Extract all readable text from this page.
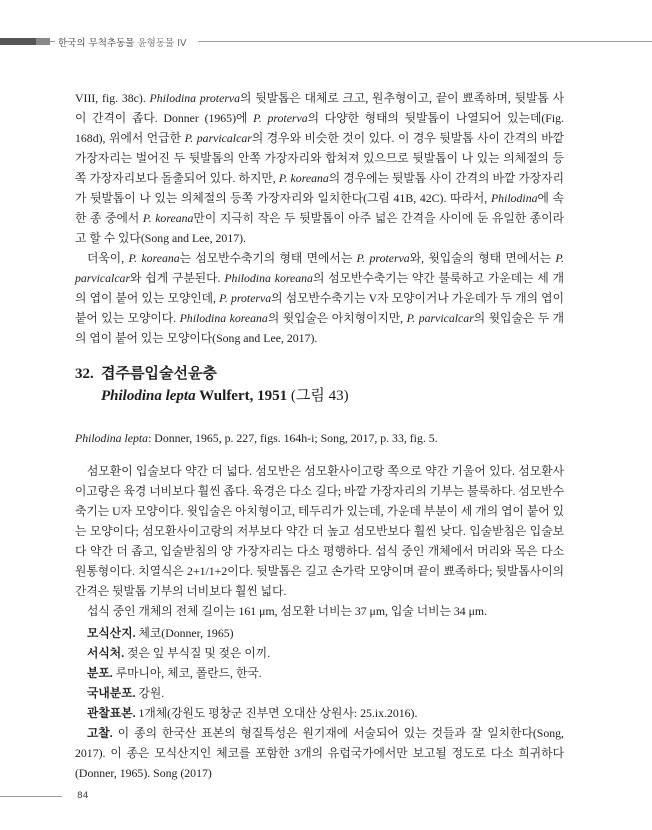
한국의 무척추동물 윤형동물 IV

VIII, fig. 38c). Philodina proterva의 뒷발톱은 대체로 크고, 원추형이고, 끝이 뾰족하며, 뒷발톱 사이 간격이 좁다. Donner (1965)에 P. proterva의 다양한 형태의 뒷발톱이 나열되어 있는데(Fig. 168d), 위에서 언급한 P. parvicalcar의 경우와 비슷한 것이 있다. 이 경우 뒷발톱 사이 간격의 바깥 가장자리는 벌어진 두 뒷발톱의 안쪽 가장자리와 합쳐져 있으므로 뒷발톱이 나 있는 의체절의 등 쪽 가장자리보다 돌출되어 있다. 하지만, P. koreana의 경우에는 뒷발톱 사이 간격의 바깥 가장자리가 뒷발톱이 나 있는 의체절의 등쪽 가장자리와 일치한다(그림 41B, 42C). 따라서, Philodina에 속한 종 중에서 P. koreana만이 지극히 작은 두 뒷발톱이 아주 넓은 간격을 사이에 둔 유일한 종이라고 할 수 있다(Song and Lee, 2017).

더욱이, P. koreana는 섬모반수축기의 형태 면에서는 P. proterva와, 윗입술의 형태 면에서는 P. parvicalcar와 쉽게 구분된다. Philodina koreana의 섬모반수축기는 약간 불룩하고 가운데는 세 개의 엽이 붙어 있는 모양인데, P. proterva의 섬모반수축기는 V자 모양이거나 가운데가 두 개의 엽이 붙어 있는 모양이다. Philodina koreana의 윗입술은 아치형이지만, P. parvicalcar의 윗입술은 두 개의 엽이 붙어 있는 모양이다(Song and Lee, 2017).

32. 겹주름입술선윤충
Philodina lepta Wulfert, 1951 (그림 43)
Philodina lepta: Donner, 1965, p. 227, figs. 164h-i; Song, 2017, p. 33, fig. 5.

섬모환이 입술보다 약간 더 넓다. 섬모반은 섬모환사이고랑 쪽으로 약간 기울어 있다. 섬모환사이고랑은 육경 너비보다 훨씬 좁다. 육경은 다소 길다; 바깥 가장자리의 기부는 불룩하다. 섬모반수축기는 U자 모양이다. 윗입술은 아치형이고, 테두리가 있는데, 가운데 부분이 세 개의 엽이 붙어 있는 모양이다; 섬모환사이고랑의 저부보다 약간 더 높고 섬모반보다 훨씬 낮다. 입술받침은 입술보다 약간 더 좁고, 입술받침의 양 가장자리는 다소 평행하다. 섭식 중인 개체에서 머리와 목은 다소 원통형이다. 치열식은 2+1/1+2이다. 뒷발톱은 길고 손가락 모양이며 끝이 뾰족하다; 뒷발톱사이의 간격은 뒷발톱 기부의 너비보다 훨씬 넓다.

섭식 중인 개체의 전체 길이는 161 μm, 섬모환 너비는 37 μm, 입술 너비는 34 μm.

모식산지. 체코(Donner, 1965)

서식처. 젖은 잎 부식질 및 젖은 이끼.

분포. 루마니아, 체코, 폴란드, 한국.

국내분포. 강원.

관찰표본. 1개체(강원도 평창군 진부면 오대산 상원사: 25.ix.2016).

고찰. 이 종의 한국산 표본의 형질특성은 원기재에 서술되어 있는 것들과 잘 일치한다(Song, 2017). 이 종은 모식산지인 체코를 포함한 3개의 유럽국가에서만 보고될 정도로 다소 희귀하다(Donner, 1965). Song (2017)

84
